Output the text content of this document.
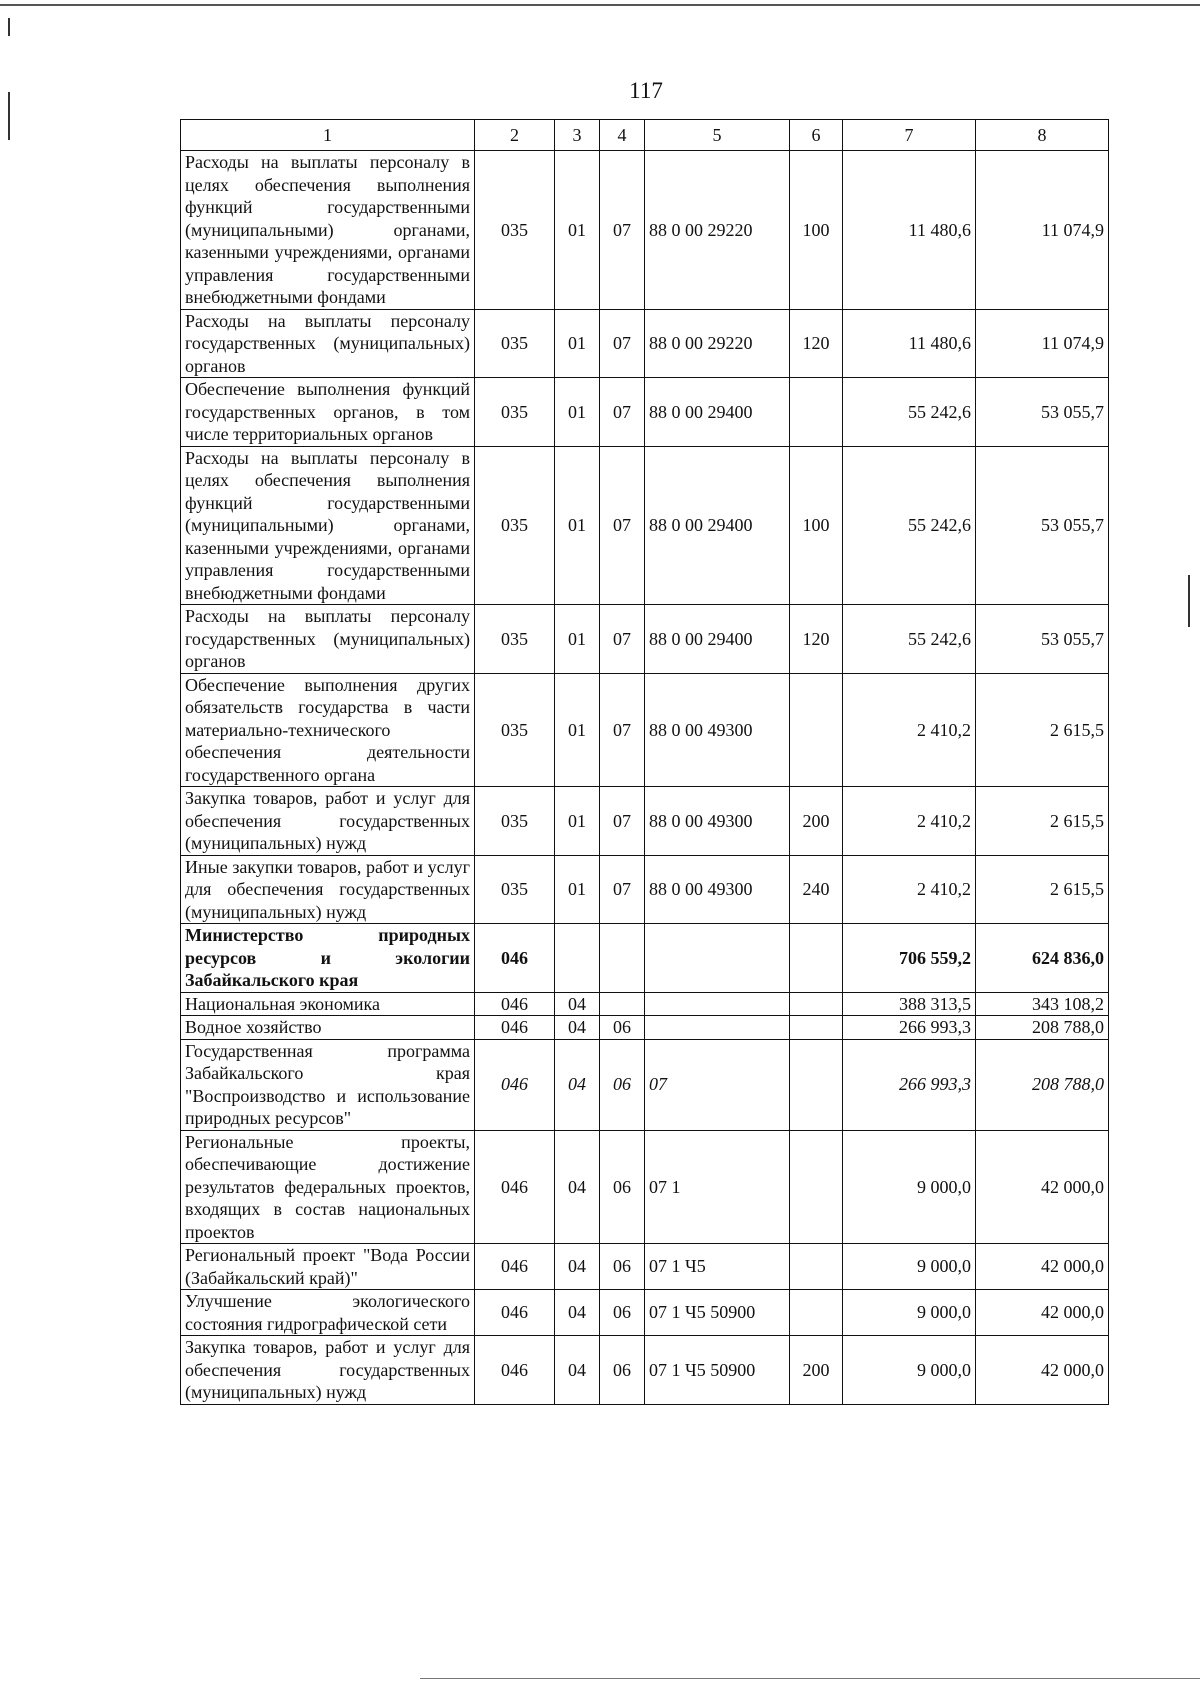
117
1	2	3	4	5	6	7	8
Расходы на выплаты персоналу в целях обеспечения выполнения функций государственными (муниципальными) органами, казенными учреждениями, органами управления государственными внебюджетными фондами	035	01	07	88 0 00 29220	100	11 480,6	11 074,9
Расходы на выплаты персоналу государственных (муниципальных) органов	035	01	07	88 0 00 29220	120	11 480,6	11 074,9
Обеспечение выполнения функций государственных органов, в том числе территориальных органов	035	01	07	88 0 00 29400		55 242,6	53 055,7
Расходы на выплаты персоналу в целях обеспечения выполнения функций государственными (муниципальными) органами, казенными учреждениями, органами управления государственными внебюджетными фондами	035	01	07	88 0 00 29400	100	55 242,6	53 055,7
Расходы на выплаты персоналу государственных (муниципальных) органов	035	01	07	88 0 00 29400	120	55 242,6	53 055,7
Обеспечение выполнения других обязательств государства в части материально-технического обеспечения деятельности государственного органа	035	01	07	88 0 00 49300		2 410,2	2 615,5
Закупка товаров, работ и услуг для обеспечения государственных (муниципальных) нужд	035	01	07	88 0 00 49300	200	2 410,2	2 615,5
Иные закупки товаров, работ и услуг для обеспечения государственных (муниципальных) нужд	035	01	07	88 0 00 49300	240	2 410,2	2 615,5
Министерство природных ресурсов и экологии Забайкальского края	046					706 559,2	624 836,0
Национальная экономика	046	04				388 313,5	343 108,2
Водное хозяйство	046	04	06			266 993,3	208 788,0
Государственная программа Забайкальского края "Воспроизводство и использование природных ресурсов"	046	04	06	07		266 993,3	208 788,0
Региональные проекты, обеспечивающие достижение результатов федеральных проектов, входящих в состав национальных проектов	046	04	06	07 1		9 000,0	42 000,0
Региональный проект "Вода России (Забайкальский край)"	046	04	06	07 1 Ч5		9 000,0	42 000,0
Улучшение экологического состояния гидрографической сети	046	04	06	07 1 Ч5 50900		9 000,0	42 000,0
Закупка товаров, работ и услуг для обеспечения государственных (муниципальных) нужд	046	04	06	07 1 Ч5 50900	200	9 000,0	42 000,0
